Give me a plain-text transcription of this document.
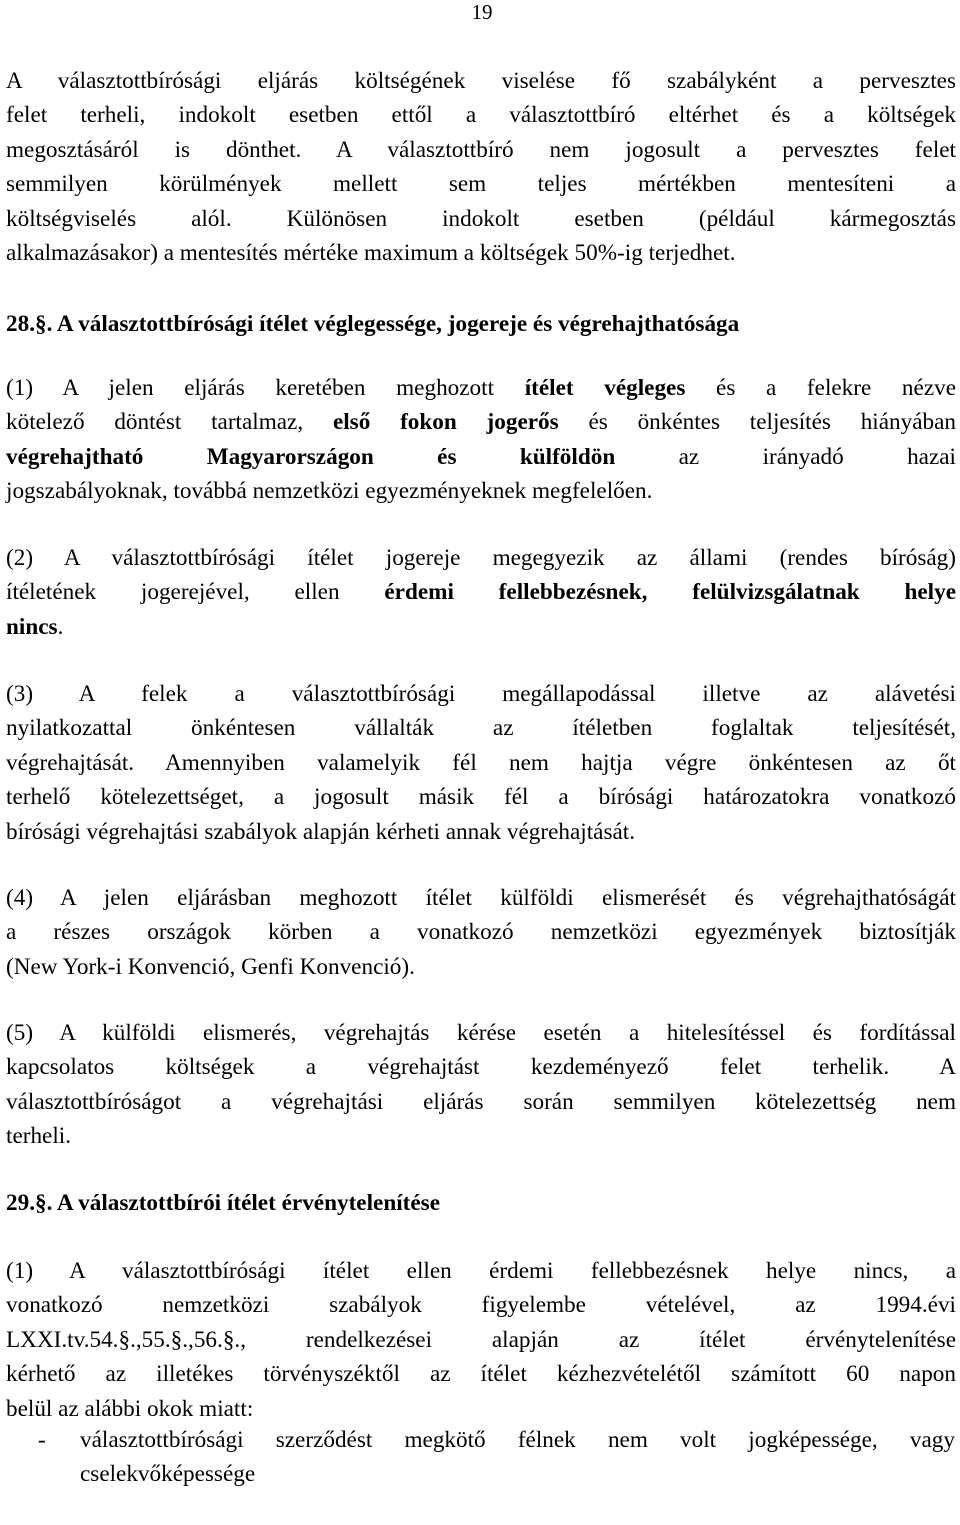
19
A választottbírósági eljárás költségének viselése fő szabályként a pervesztes
felet terheli, indokolt esetben ettől a választottbíró eltérhet és a költségek
megosztásáról is dönthet. A választottbíró nem jogosult a pervesztes felet
semmilyen körülmények mellett sem teljes mértékben mentesíteni a
költségviselés alól. Különösen indokolt esetben (például kármegosztás
alkalmazásakor) a mentesítés mértéke maximum a költségek 50%-ig terjedhet.
28.§. A választottbírósági ítélet véglegessége, jogereje és végrehajthatósága
(1) A jelen eljárás keretében meghozott ítélet végleges és a felekre nézve
kötelező döntést tartalmaz, első fokon jogerős és önkéntes teljesítés hiányában
végrehajtható Magyarországon és külföldön az irányadó hazai
jogszabályoknak, továbbá nemzetközi egyezményeknek megfelelően.
(2) A választottbírósági ítélet jogereje megegyezik az állami (rendes bíróság)
ítéletének jogerejével, ellen érdemi fellebbezésnek, felülvizsgálatnak helye
nincs.
(3) A felek a választottbírósági megállapodással illetve az alávetési
nyilatkozattal önkéntesen vállalták az ítéletben foglaltak teljesítését,
végrehajtását. Amennyiben valamelyik fél nem hajtja végre önkéntesen az őt
terhelő kötelezettséget, a jogosult másik fél a bírósági határozatokra vonatkozó
bírósági végrehajtási szabályok alapján kérheti annak végrehajtását.
(4) A jelen eljárásban meghozott ítélet külföldi elismerését és végrehajthatóságát
a részes országok körben a vonatkozó nemzetközi egyezmények biztosítják
(New York-i Konvenció, Genfi Konvenció).
(5) A külföldi elismerés, végrehajtás kérése esetén a hitelesítéssel és fordítással
kapcsolatos költségek a végrehajtást kezdeményező felet terhelik. A
választottbíróságot a végrehajtási eljárás során semmilyen kötelezettség nem
terheli.
29.§. A választottbírói ítélet érvénytelenítése
(1) A választottbírósági ítélet ellen érdemi fellebbezésnek helye nincs, a
vonatkozó nemzetközi szabályok figyelembe vételével, az 1994.évi
LXXI.tv.54.§.,55.§.,56.§., rendelkezései alapján az ítélet érvénytelenítése
kérhető az illetékes törvényszéktől az ítélet kézhezvételétől számított 60 napon
belül az alábbi okok miatt:
- választottbírósági szerződést megkötő félnek nem volt jogképessége, vagy
cselekvőképessége
